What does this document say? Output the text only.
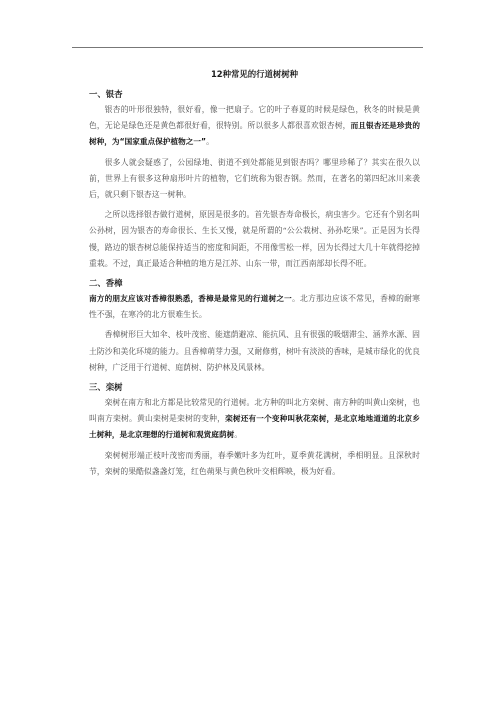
12种常见的行道树树种
一、银杏

银杏的叶形很独特，很好看，像一把扇子。它的叶子春夏的时候是绿色，秋冬的时候是黄色，无论是绿色还是黄色都很好看，很特别。所以很多人都很喜欢银杏树，而且银杏还是珍贵的树种，为“国家重点保护植物之一”。

很多人就会疑惑了，公园绿地、街道不到处都能见到银杏吗？哪里珍稀了？其实在很久以前，世界上有很多这种扇形叶片的植物，它们统称为银杏钢。然而，在著名的第四纪冰川来袭后，就只剩下银杏这一树种。

之所以选择银杏做行道树，原因是很多的。首先银杏寿命极长，病虫害少。它还有个别名叫公孙树，因为银杏的寿命很长、生长又慢，就是所谓的“公公栽树、孙孙吃果”。正是因为长得慢，路边的银杏树总能保持适当的密度和间距，不用像雪松一样，因为长得过大几十年就得挖掉重栽。不过，真正最适合种植的地方是江苏、山东一带，而江西南部却长得不旺。

二、香樟

南方的朋友应该对香樟很熟悉，香樟是最常见的行道树之一。北方那边应该不常见，香樟的耐寒性不强，在寒冷的北方很难生长。

香樟树形巨大如伞、枝叶茂密、能遮荫避凉、能抗风、且有很强的吸烟滞尘、涵养水源、固土防沙和美化环境的能力。且香樟萌芽力强，又耐修剪，树叶有淡淡的香味，是城市绿化的优良树种，广泛用于行道树、庭荫树、防护林及风景林。

三、栾树

栾树在南方和北方都是比较常见的行道树。北方种的叫北方栾树、南方种的叫黄山栾树，也叫南方栾树。黄山栾树是栾树的变种，栾树还有一个变种叫秋花栾树，是北京地地道道的北京乡土树种，是北京理想的行道树和观赏庭荫树。

栾树树形端正枝叶茂密而秀丽，春季嫩叶多为红叶，夏季黄花满树，季相明显。且深秋时节，栾树的果酷似盏盏灯笼，红色蒴果与黄色秋叶交相辉映，极为好看。
